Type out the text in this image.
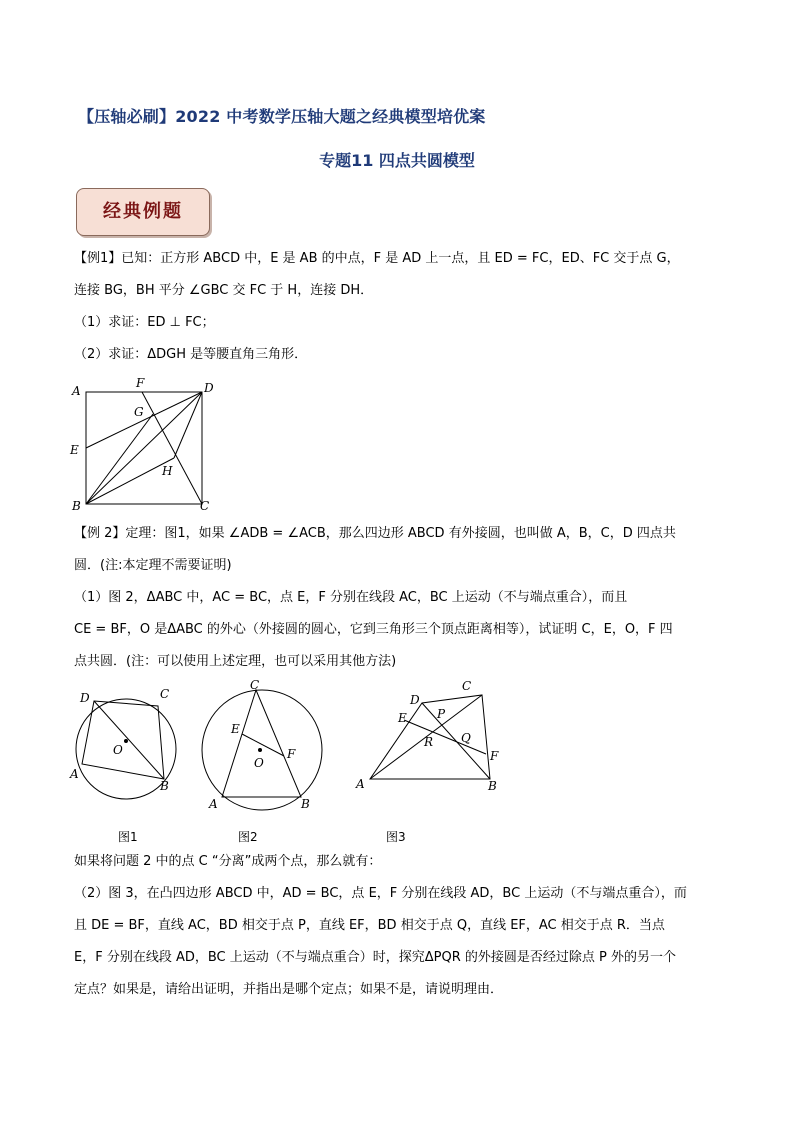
【压轴必刷】2022 中考数学压轴大题之经典模型培优案
专题11 四点共圆模型
经典例题
【例1】已知：正方形 ABCD 中，E 是 AB 的中点，F 是 AD 上一点，且 ED = FC，ED、FC 交于点 G，
连接 BG，BH 平分 ∠GBC 交 FC 于 H，连接 DH．
（1）求证：ED ⊥ FC；
（2）求证：ΔDGH 是等腰直角三角形．
A
F	D
G
E
H
B	C
【例 2】定理：图1，如果 ∠ADB = ∠ACB，那么四边形 ABCD 有外接圆，也叫做 A，B，C，D 四点共
圆．(注:本定理不需要证明)
（1）图 2，ΔABC 中，AC = BC，点 E，F 分别在线段 AC，BC 上运动（不与端点重合），而且
CE = BF，O 是ΔABC 的外心（外接圆的圆心，它到三角形三个顶点距离相等），试证明 C，E，O，F 四
点共圆．(注：可以使用上述定理，也可以采用其他方法)
D	C
O
A
B
C
E
F
O
A	B
D
C
P
E
R Q
F
A	B
图1	图2	图3
如果将问题 2 中的点 C “分离”成两个点，那么就有：
（2）图 3，在凸四边形 ABCD 中，AD = BC，点 E，F 分别在线段 AD，BC 上运动（不与端点重合），而
且 DE = BF，直线 AC，BD 相交于点 P，直线 EF，BD 相交于点 Q，直线 EF，AC 相交于点 R．当点
E，F 分别在线段 AD，BC 上运动（不与端点重合）时，探究ΔPQR 的外接圆是否经过除点 P 外的另一个
定点？如果是，请给出证明，并指出是哪个定点；如果不是，请说明理由．
